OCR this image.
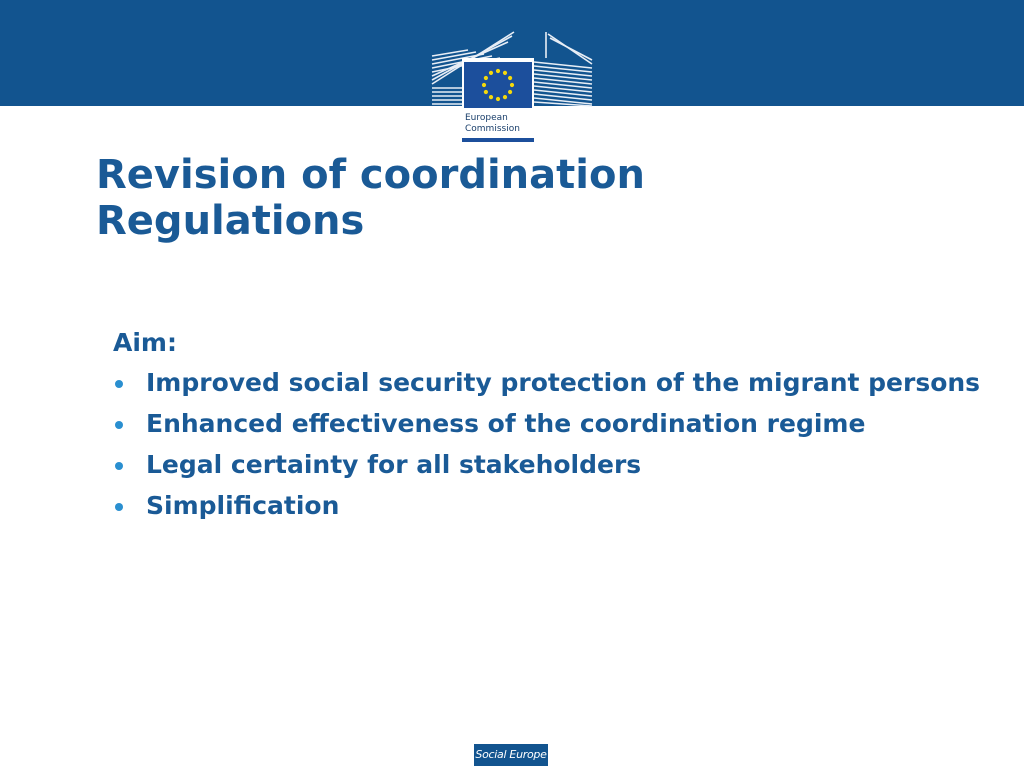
European
Commission
Revision of coordination
Regulations

Aim:

Improved social security protection of the migrant persons
Enhanced effectiveness of the coordination regime
Legal certainty for all stakeholders
Simplification
Social Europe
